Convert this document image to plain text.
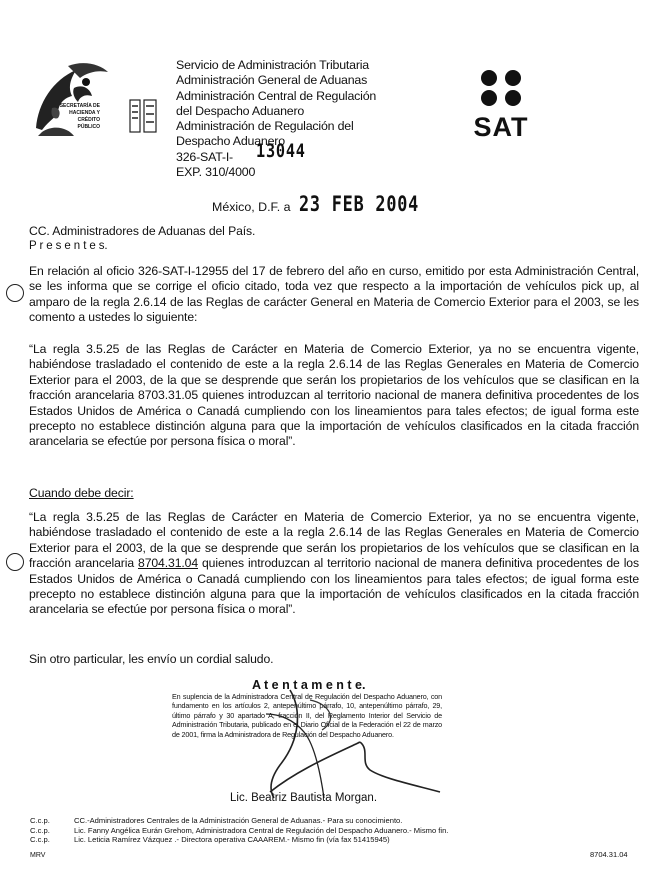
SECRETARÍA DE
HACIENDA Y
CRÉDITO PÚBLICO
Servicio de Administración Tributaria
Administración General de Aduanas
Administración Central de Regulación
del Despacho Aduanero
Administración de Regulación del
Despacho Aduanero
326-SAT-I- 13044
EXP. 310/4000
SAT
México, D.F. a 23 FEB 2004
CC. Administradores de Aduanas del País.
P r e s e n t e s.
En relación al oficio 326-SAT-I-12955 del 17 de febrero del año en curso, emitido por esta Administración Central, se les informa que se corrige el oficio citado, toda vez que respecto a la importación de vehículos pick up, al amparo de la regla 2.6.14 de las Reglas de carácter General en Materia de Comercio Exterior para el 2003, se les comento a ustedes lo siguiente:
“La regla 3.5.25 de las Reglas de Carácter en Materia de Comercio Exterior, ya no se encuentra vigente, habiéndose trasladado el contenido de este a la regla 2.6.14 de las Reglas Generales en Materia de Comercio Exterior para el 2003, de la que se desprende que serán los propietarios de los vehículos que se clasifican en la fracción arancelaria 8703.31.05 quienes introduzcan al territorio nacional de manera definitiva procedentes de los Estados Unidos de América o Canadá cumpliendo con los lineamientos para tales efectos; de igual forma este precepto no establece distinción alguna para que la importación de vehículos clasificados en la citada fracción arancelaria se efectúe por persona física o moral”.
Cuando debe decir:
“La regla 3.5.25 de las Reglas de Carácter en Materia de Comercio Exterior, ya no se encuentra vigente, habiéndose trasladado el contenido de este a la regla 2.6.14 de las Reglas Generales en Materia de Comercio Exterior para el 2003, de la que se desprende que serán los propietarios de los vehículos que se clasifican en la fracción arancelaria 8704.31.04 quienes introduzcan al territorio nacional de manera definitiva procedentes de los Estados Unidos de América o Canadá cumpliendo con los lineamientos para tales efectos; de igual forma este precepto no establece distinción alguna para que la importación de vehículos clasificados en la citada fracción arancelaria se efectúe por persona física o moral”.
Sin otro particular, les envío un cordial saludo.
A t e n t a m e n t e.
En suplencia de la Administradora Central de Regulación del Despacho Aduanero, con fundamento en los artículos 2, antepenúltimo párrafo, 10, antepenúltimo párrafo, 29, último párrafo y 30 apartado A, fracción II, del Reglamento Interior del Servicio de Administración Tributaria, publicado en el Diario Oficial de la Federación el 22 de marzo de 2001, firma la Administradora de Regulación del Despacho Aduanero.
Lic. Beatriz Bautista Morgan.
C.c.p.	CC.-Administradores Centrales de la Administración General de Aduanas.- Para su conocimiento.
C.c.p.	Lic. Fanny Angélica Eurán Grehom, Administradora Central de Regulación del Despacho Aduanero.- Mismo fin.
C.c.p.	Lic. Leticia Ramírez Vázquez .- Directora operativa CAAAREM.- Mismo fin (vía fax 51415945)
MRV	8704.31.04
